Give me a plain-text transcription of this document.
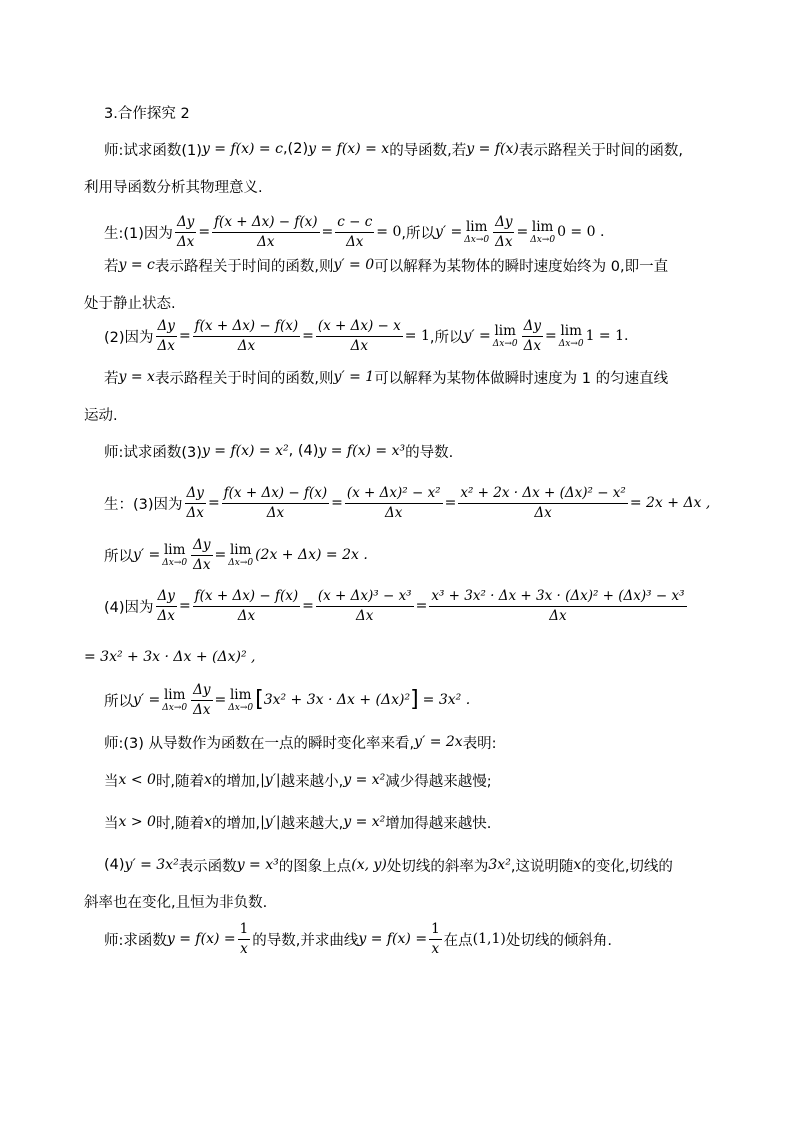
3.合作探究 2
师:试求函数(1) y = f(x) = c ,(2) y = f(x) = x 的导函数,若 y = f(x) 表示路程关于时间的函数,
利用导函数分析其物理意义.
生:(1)因为 $\frac{\Delta y}{\Delta x} = \frac{f(x + \Delta x) - f(x)}{\Delta x} = \frac{c - c}{\Delta x} = 0$ ,所以 y′ = lim
$\Delta x\to 0 \frac{\Delta y}{\Delta x} = \lim$
Δx→0 0 = 0 .
若 y = c 表示路程关于时间的函数,则 y′ = 0 可以解释为某物体的瞬时速度始终为 0,即一直
处于静止状态.
(2)因为 $\frac{\Delta y}{\Delta x} = \frac{f(x + \Delta x) - f(x)}{\Delta x} = \frac{(x + \Delta x) - x}{\Delta x} = 1$ ,所以 y′ = lim
$\Delta x\to 0 \frac{\Delta y}{\Delta x} = \lim$
Δx→0 1 = 1.
若 y = x 表示路程关于时间的函数,则 y′ = 1 可以解释为某物体做瞬时速度为 1 的匀速直线
运动.
师:试求函数(3) y = f(x) = x² , (4) y = f(x) = x³ 的导数.
生：(3)因为 $\frac{\Delta y}{\Delta x} = \frac{f(x + \Delta x) - f(x)}{\Delta x} = \frac{\text{(x + Δx)² − x²}}{\Delta x} = \frac{\text{x² + 2x · Δx + (Δx)² − x²}}{\Delta x} = 2x + \Delta x$ ,
所以 y′ = lim
$\Delta x\to 0 \frac{\Delta y}{\Delta x} = \lim$
Δx→0 (2x + Δx) = 2x .
(4)因为 $\frac{\Delta y}{\Delta x} = \frac{f(x + \Delta x) - f(x)}{\Delta x} = \frac{\text{(x + Δx)³ − x³}}{\Delta x} = \frac{\text{x³ + 3x² · Δx + 3x · (Δx)² + (Δx)³ − x³}}{\Delta x}$
= 3x² + 3x · Δx + (Δx)² ,
所以 y′ = lim
$\Delta x\to 0 \frac{\Delta y}{\Delta x} = \lim$
Δx→0 [ 3x² + 3x · Δx + (Δx)² ] = 3x² .
师:(3) 从导数作为函数在一点的瞬时变化率来看, y′ = 2x 表明:
当 x < 0 时,随着 x 的增加, |y′| 越来越小, y = x² 减少得越来越慢;
当 x > 0 时,随着 x 的增加, |y′| 越来越大, y = x² 增加得越来越快.
(4) y′ = 3x² 表示函数 y = x³ 的图象上点 (x, y) 处切线的斜率为 3x² ,这说明随 x 的变化,切线的
斜率也在变化,且恒为非负数.
师:求函数 $y = f(x) = \frac{1}{x}$ 的导数,并求曲线 $y = f(x) = \frac{1}{x}$ 在点 (1,1) 处切线的倾斜角.
